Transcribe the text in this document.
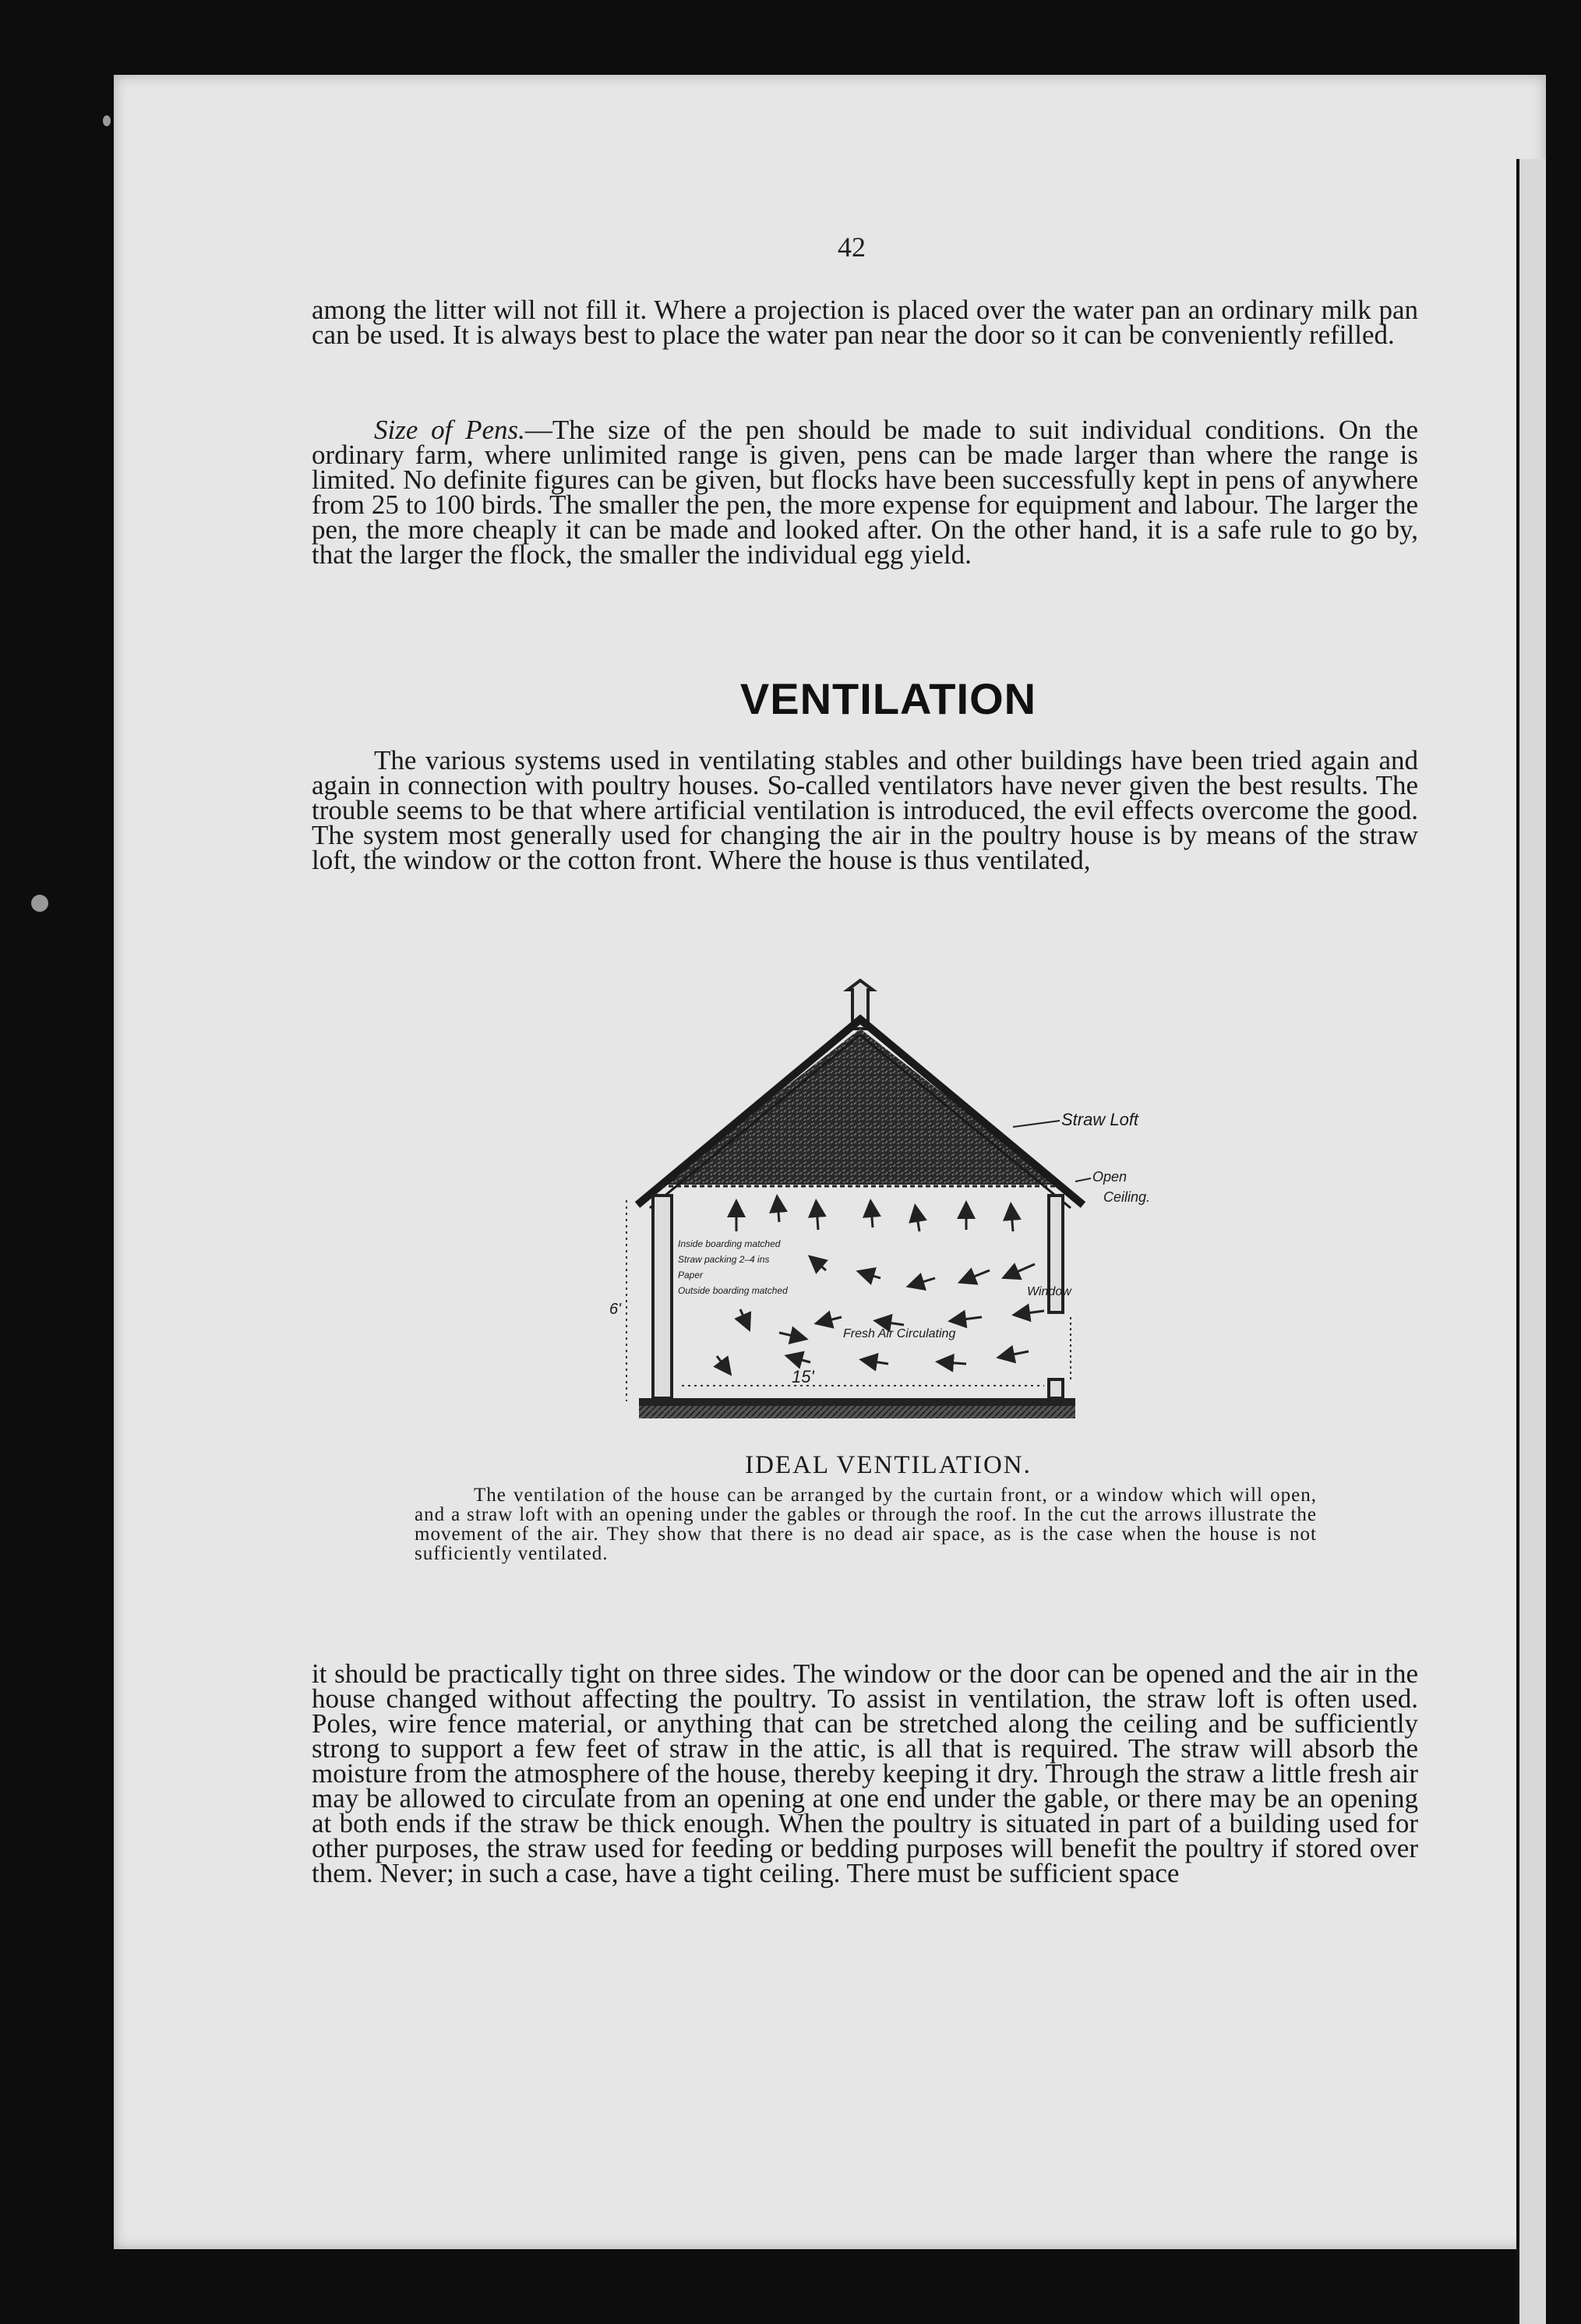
42

among the litter will not fill it. Where a projection is placed over the water pan an ordinary milk pan can be used. It is always best to place the water pan near the door so it can be conveniently refilled.

Size of Pens.—The size of the pen should be made to suit individual conditions. On the ordinary farm, where unlimited range is given, pens can be made larger than where the range is limited. No definite figures can be given, but flocks have been successfully kept in pens of anywhere from 25 to 100 birds. The smaller the pen, the more expense for equipment and labour. The larger the pen, the more cheaply it can be made and looked after. On the other hand, it is a safe rule to go by, that the larger the flock, the smaller the individual egg yield.

VENTILATION

The various systems used in ventilating stables and other buildings have been tried again and again in connection with poultry houses. So-called ventilators have never given the best results. The trouble seems to be that where artificial ventilation is introduced, the evil effects overcome the good. The system most generally used for changing the air in the poultry house is by means of the straw loft, the window or the cotton front. Where the house is thus ventilated,

Straw Loft
Open
Ceiling.
Window
Fresh Air Circulating
6'
15'
Inside boarding matched
Straw packing 2–4 ins
Paper
Outside boarding matched
IDEAL VENTILATION.

The ventilation of the house can be arranged by the curtain front, or a window which will open, and a straw loft with an opening under the gables or through the roof. In the cut the arrows illustrate the movement of the air. They show that there is no dead air space, as is the case when the house is not sufficiently ventilated.

it should be practically tight on three sides. The window or the door can be opened and the air in the house changed without affecting the poultry. To assist in ventilation, the straw loft is often used. Poles, wire fence material, or anything that can be stretched along the ceiling and be sufficiently strong to support a few feet of straw in the attic, is all that is required. The straw will absorb the moisture from the atmosphere of the house, thereby keeping it dry. Through the straw a little fresh air may be allowed to circulate from an opening at one end under the gable, or there may be an opening at both ends if the straw be thick enough. When the poultry is situated in part of a building used for other purposes, the straw used for feeding or bedding purposes will benefit the poultry if stored over them. Never; in such a case, have a tight ceiling. There must be sufficient space
